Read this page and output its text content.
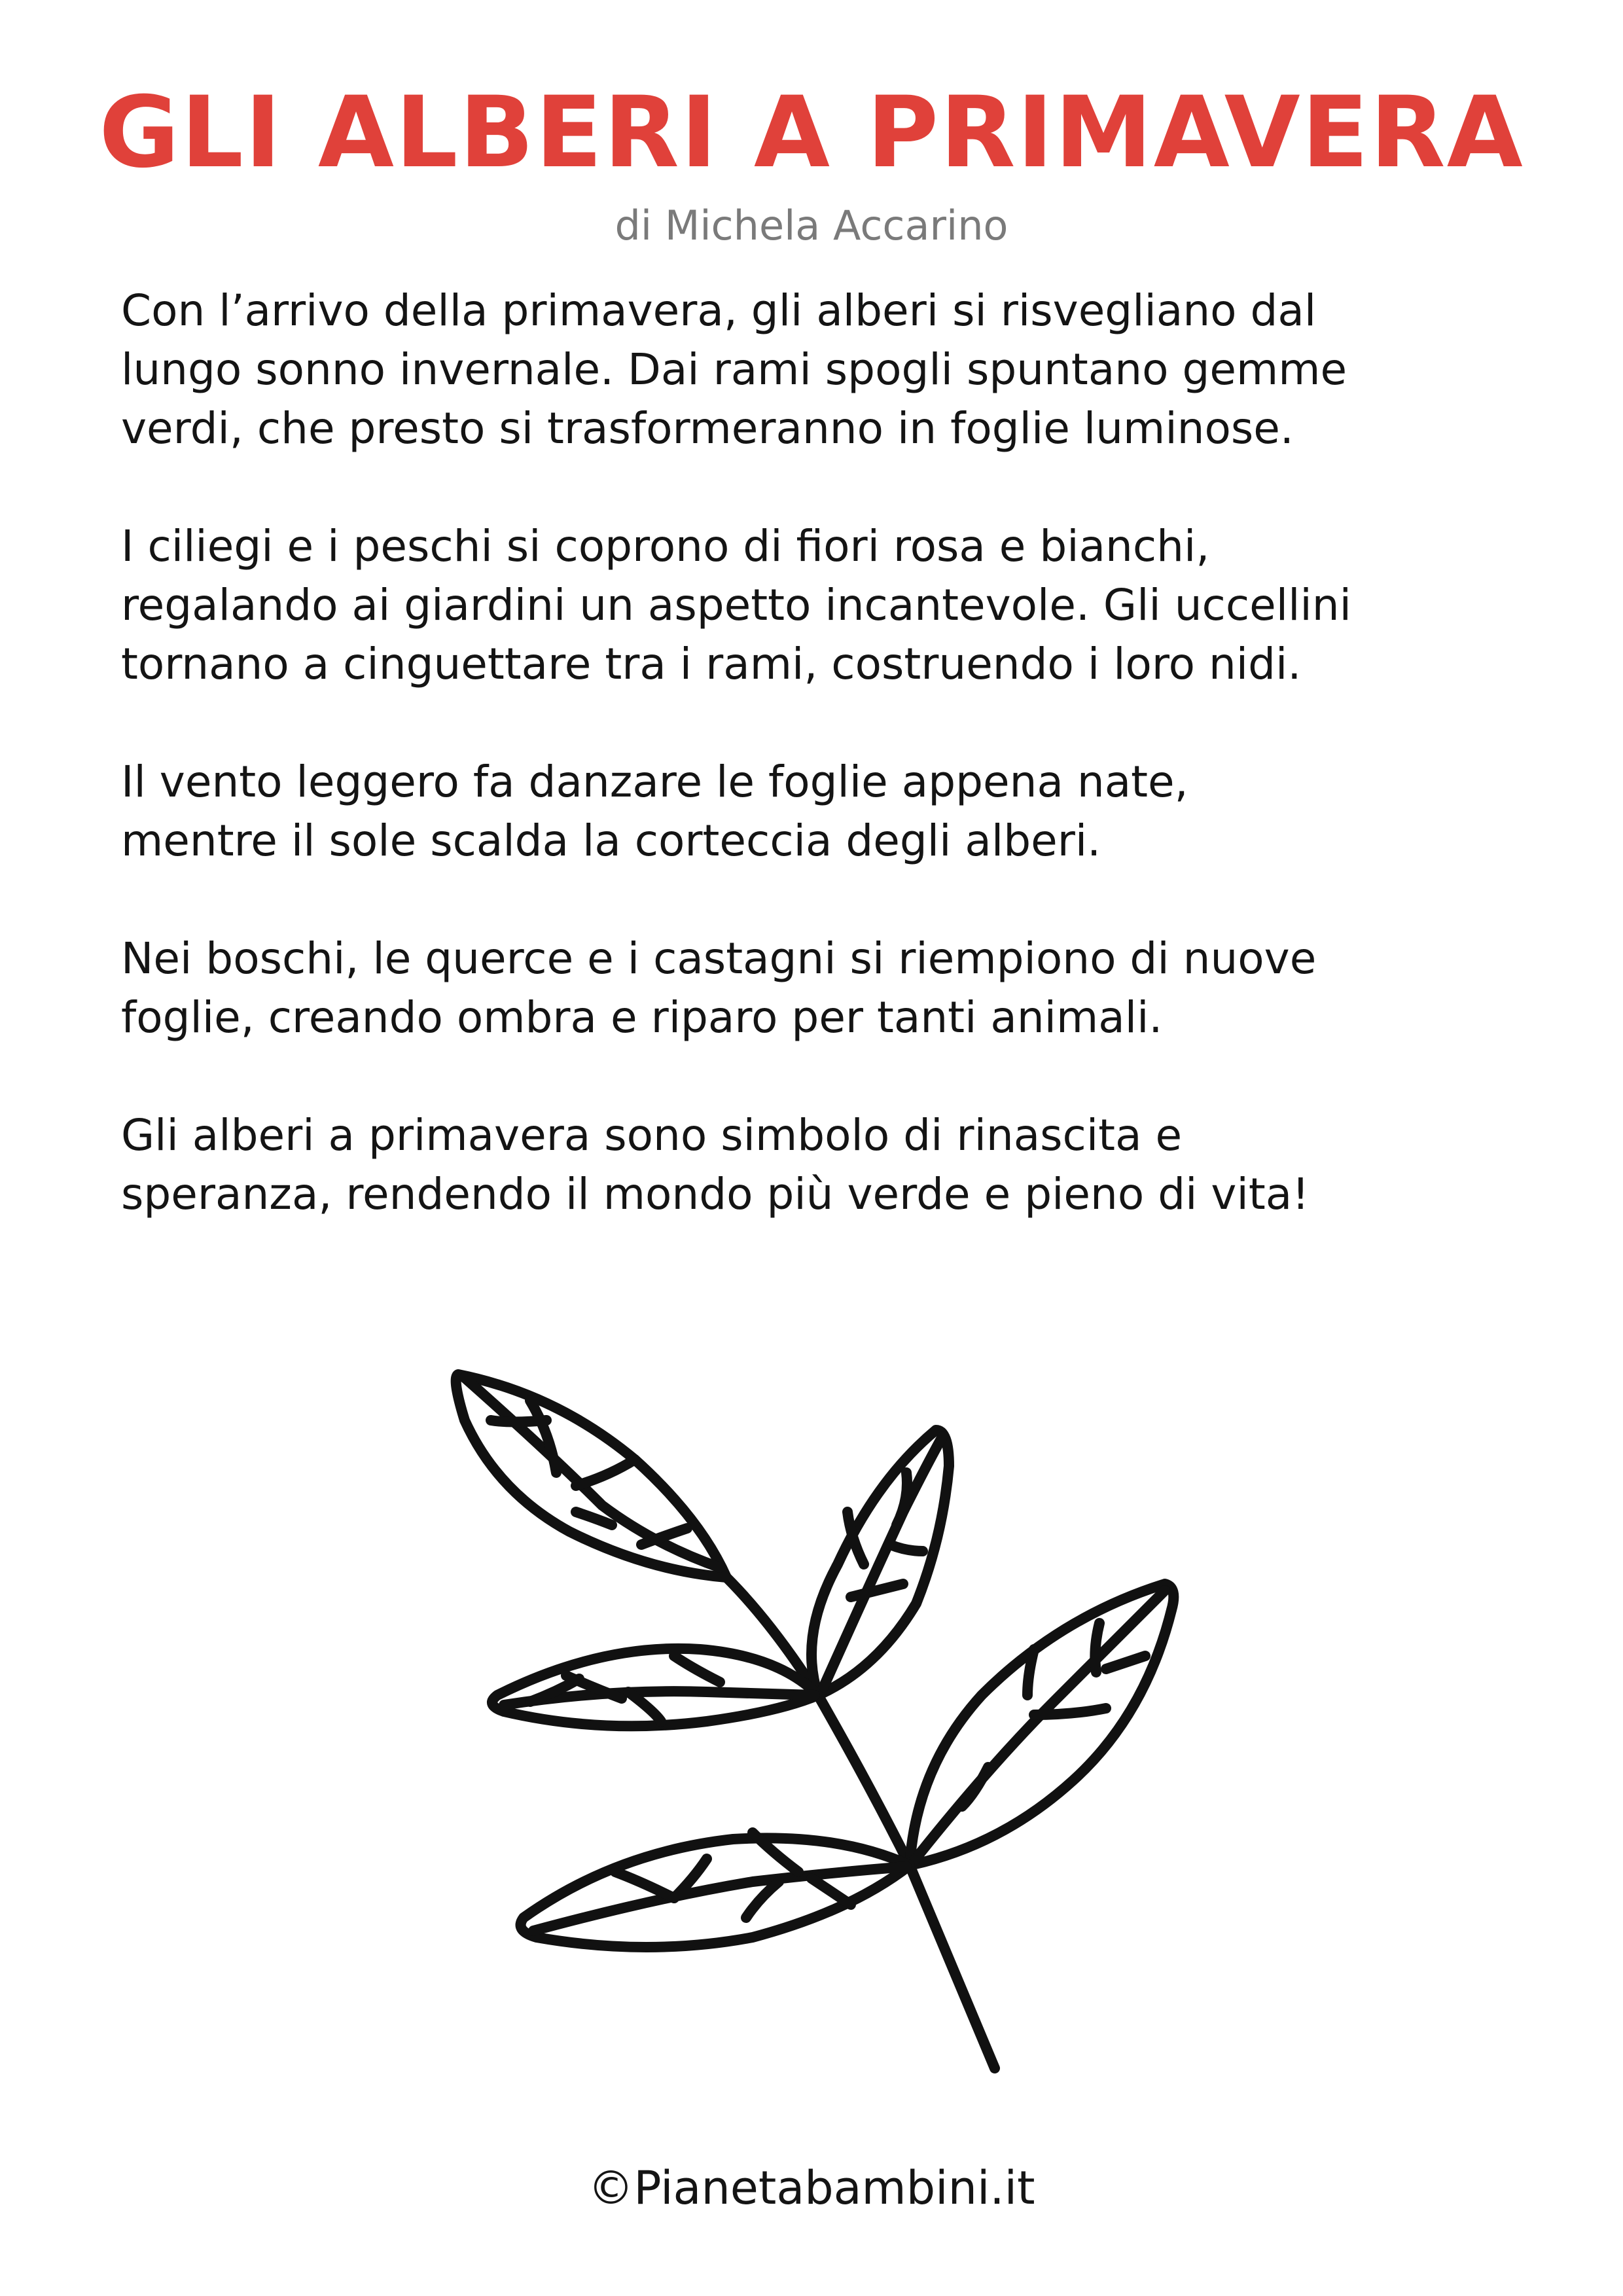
GLI ALBERI A PRIMAVERA
di Michela Accarino

Con l’arrivo della primavera, gli alberi si risvegliano dal
lungo sonno invernale. Dai rami spogli spuntano gemme
verdi, che presto si trasformeranno in foglie luminose.

I ciliegi e i peschi si coprono di fiori rosa e bianchi,
regalando ai giardini un aspetto incantevole. Gli uccellini
tornano a cinguettare tra i rami, costruendo i loro nidi.

Il vento leggero fa danzare le foglie appena nate,
mentre il sole scalda la corteccia degli alberi.

Nei boschi, le querce e i castagni si riempiono di nuove
foglie, creando ombra e riparo per tanti animali.

Gli alberi a primavera sono simbolo di rinascita e
speranza, rendendo il mondo più verde e pieno di vita!

©Pianetabambini.it
